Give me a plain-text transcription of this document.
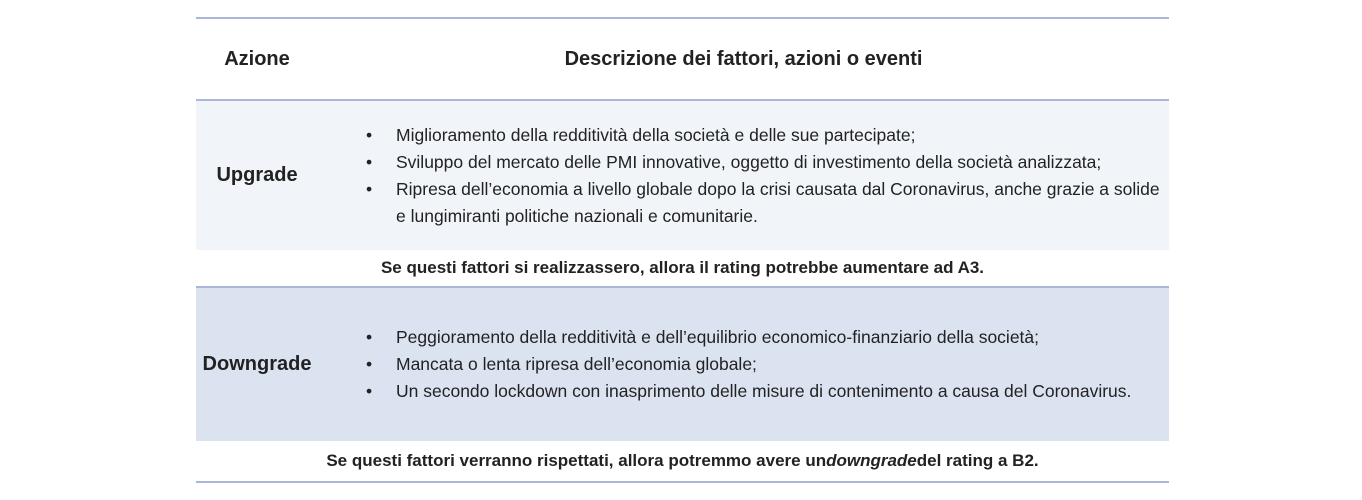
Azione	Descrizione dei fattori, azioni o eventi
Upgrade
•	Miglioramento della redditività della società e delle sue partecipate;
•	Sviluppo del mercato delle PMI innovative, oggetto di investimento della società analizzata;
•	Ripresa dell’economia a livello globale dopo la crisi causata dal Coronavirus, anche grazie a solide e lungimiranti politiche nazionali e comunitarie.
Se questi fattori si realizzassero, allora il rating potrebbe aumentare ad A3.
Downgrade
•	Peggioramento della redditività e dell’equilibrio economico-finanziario della società;
•	Mancata o lenta ripresa dell’economia globale;
•	Un secondo lockdown con inasprimento delle misure di contenimento a causa del Coronavirus.
Se questi fattori verranno rispettati, allora potremmo avere un downgrade del rating a B2.
